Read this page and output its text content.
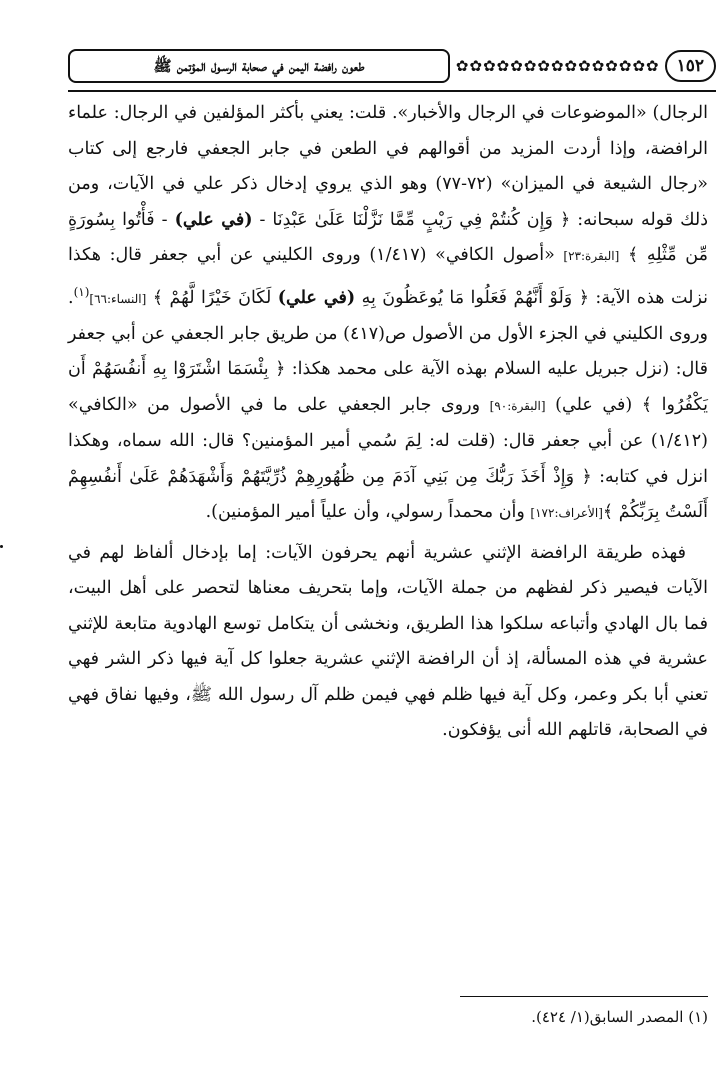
١٥٢
✿
✿
✿
✿
✿
✿
✿
✿
✿
✿
✿
✿
✿
✿
✿
طعون رافضة اليمن في صحابة الرسـول المؤتمن ﷺ

الرجال) «الموضوعات في الرجال والأخبار». قلت: يعني بأكثر المؤلفين في الرجال: علماء الرافضة، وإذا أردت المزيد من أقوالهم في الطعن في جابر الجعفي فارجع إلى كتاب «رجال الشيعة في الميزان» (٧٢-٧٧) وهو الذي يروي إدخال ذكر علي في الآيات، ومن ذلك قوله سبحانه: ﴿ وَإِن كُنتُمْ فِي رَيْبٍ مِّمَّا نَزَّلْنَا عَلَىٰ عَبْدِنَا - (في علي) - فَأْتُوا بِسُورَةٍ مِّن مِّثْلِهِ ﴾ [البقرة:٢٣] «أصول الكافي» (١/٤١٧) وروى الكليني عن أبي جعفر قال: هكذا نزلت هذه الآية: ﴿ وَلَوْ أَنَّهُمْ فَعَلُوا مَا يُوعَظُونَ بِهِ (في علي) لَكَانَ خَيْرًا لَّهُمْ ﴾ [النساء:٦٦]$^{(١)}$. وروى الكليني في الجزء الأول من الأصول ص(٤١٧) من طريق جابر الجعفي عن أبي جعفر قال: (نزل جبريل عليه السلام بهذه الآية على محمد هكذا: ﴿ بِئْسَمَا اشْتَرَوْا بِهِ أَنفُسَهُمْ أَن يَكْفُرُوا ﴾ (في علي) [البقرة:٩٠] وروى جابر الجعفي على ما في الأصول من «الكافي» (١/٤١٢) عن أبي جعفر قال: (قلت له: لِمَ سُمي أمير المؤمنين؟ قال: الله سماه، وهكذا انزل في كتابه: ﴿ وَإِذْ أَخَذَ رَبُّكَ مِن بَنِي آدَمَ مِن ظُهُورِهِمْ ذُرِّيَّتَهُمْ وَأَشْهَدَهُمْ عَلَىٰ أَنفُسِهِمْ أَلَسْتُ بِرَبِّكُمْ ﴾[الأعراف:١٧٢] وأن محمداً رسولي، وأن علياً أمير المؤمنين).

فهذه طريقة الرافضة الإثني عشرية أنهم يحرفون الآيات: إما بإدخال ألفاظ لهم في الآيات فيصير ذكر لفظهم من جملة الآيات، وإما بتحريف معناها لتحصر على أهل البيت، فما بال الهادي وأتباعه سلكوا هذا الطريق، ونخشى أن يتكامل توسع الهادوية متابعة للإثني عشرية في هذه المسألة، إذ أن الرافضة الإثني عشرية جعلوا كل آية فيها ذكر الشر فهي تعني أبا بكر وعمر، وكل آية فيها ظلم فهي فيمن ظلم آل رسول الله ﷺ، وفيها نفاق فهي في الصحابة، قاتلهم الله أنى يؤفكون.

(١) المصدر السابق(١/ ٤٢٤).
